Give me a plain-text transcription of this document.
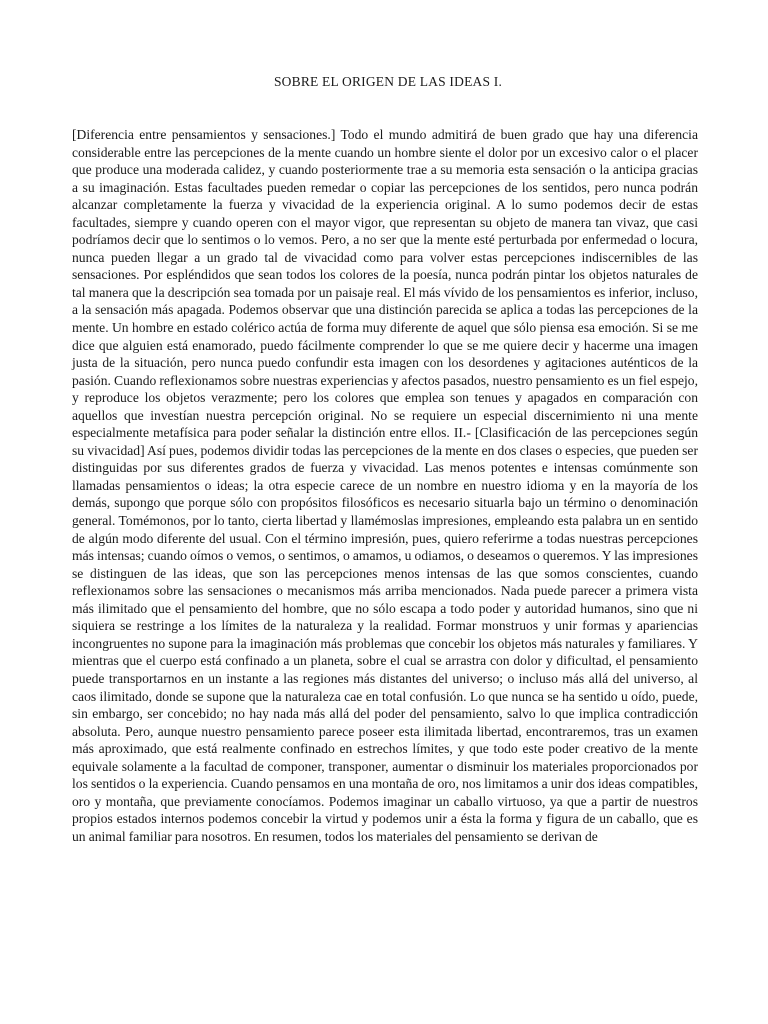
SOBRE EL ORIGEN DE LAS IDEAS I.

[Diferencia entre pensamientos y sensaciones.] Todo el mundo admitirá de buen grado que hay una diferencia considerable entre las percepciones de la mente cuando un hombre siente el dolor por un excesivo calor o el placer que produce una moderada calidez, y cuando posteriormente trae a su memoria esta sensación o la anticipa gracias a su imaginación. Estas facultades pueden remedar o copiar las percepciones de los sentidos, pero nunca podrán alcanzar completamente la fuerza y vivacidad de la experiencia original. A lo sumo podemos decir de estas facultades, siempre y cuando operen con el mayor vigor, que representan su objeto de manera tan vivaz, que casi podríamos decir que lo sentimos o lo vemos. Pero, a no ser que la mente esté perturbada por enfermedad o locura, nunca pueden llegar a un grado tal de vivacidad como para volver estas percepciones indiscernibles de las sensaciones. Por espléndidos que sean todos los colores de la poesía, nunca podrán pintar los objetos naturales de tal manera que la descripción sea tomada por un paisaje real. El más vívido de los pensamientos es inferior, incluso, a la sensación más apagada. Podemos observar que una distinción parecida se aplica a todas las percepciones de la mente. Un hombre en estado colérico actúa de forma muy diferente de aquel que sólo piensa esa emoción. Si se me dice que alguien está enamorado, puedo fácilmente comprender lo que se me quiere decir y hacerme una imagen justa de la situación, pero nunca puedo confundir esta imagen con los desordenes y agitaciones auténticos de la pasión. Cuando reflexionamos sobre nuestras experiencias y afectos pasados, nuestro pensamiento es un fiel espejo, y reproduce los objetos verazmente; pero los colores que emplea son tenues y apagados en comparación con aquellos que investían nuestra percepción original. No se requiere un especial discernimiento ni una mente especialmente metafísica para poder señalar la distinción entre ellos. II.- [Clasificación de las percepciones según su vivacidad] Así pues, podemos dividir todas las percepciones de la mente en dos clases o especies, que pueden ser distinguidas por sus diferentes grados de fuerza y vivacidad. Las menos potentes e intensas comúnmente son llamadas pensamientos o ideas; la otra especie carece de un nombre en nuestro idioma y en la mayoría de los demás, supongo que porque sólo con propósitos filosóficos es necesario situarla bajo un término o denominación general. Tomémonos, por lo tanto, cierta libertad y llamémoslas impresiones, empleando esta palabra un en sentido de algún modo diferente del usual. Con el término impresión, pues, quiero referirme a todas nuestras percepciones más intensas; cuando oímos o vemos, o sentimos, o amamos, u odiamos, o deseamos o queremos. Y las impresiones se distinguen de las ideas, que son las percepciones menos intensas de las que somos conscientes, cuando reflexionamos sobre las sensaciones o mecanismos más arriba mencionados. Nada puede parecer a primera vista más ilimitado que el pensamiento del hombre, que no sólo escapa a todo poder y autoridad humanos, sino que ni siquiera se restringe a los límites de la naturaleza y la realidad. Formar monstruos y unir formas y apariencias incongruentes no supone para la imaginación más problemas que concebir los objetos más naturales y familiares. Y mientras que el cuerpo está confinado a un planeta, sobre el cual se arrastra con dolor y dificultad, el pensamiento puede transportarnos en un instante a las regiones más distantes del universo; o incluso más allá del universo, al caos ilimitado, donde se supone que la naturaleza cae en total confusión. Lo que nunca se ha sentido u oído, puede, sin embargo, ser concebido; no hay nada más allá del poder del pensamiento, salvo lo que implica contradicción absoluta. Pero, aunque nuestro pensamiento parece poseer esta ilimitada libertad, encontraremos, tras un examen más aproximado, que está realmente confinado en estrechos límites, y que todo este poder creativo de la mente equivale solamente a la facultad de componer, transponer, aumentar o disminuir los materiales proporcionados por los sentidos o la experiencia. Cuando pensamos en una montaña de oro, nos limitamos a unir dos ideas compatibles, oro y montaña, que previamente conocíamos. Podemos imaginar un caballo virtuoso, ya que a partir de nuestros propios estados internos podemos concebir la virtud y podemos unir a ésta la forma y figura de un caballo, que es un animal familiar para nosotros. En resumen, todos los materiales del pensamiento se derivan de
